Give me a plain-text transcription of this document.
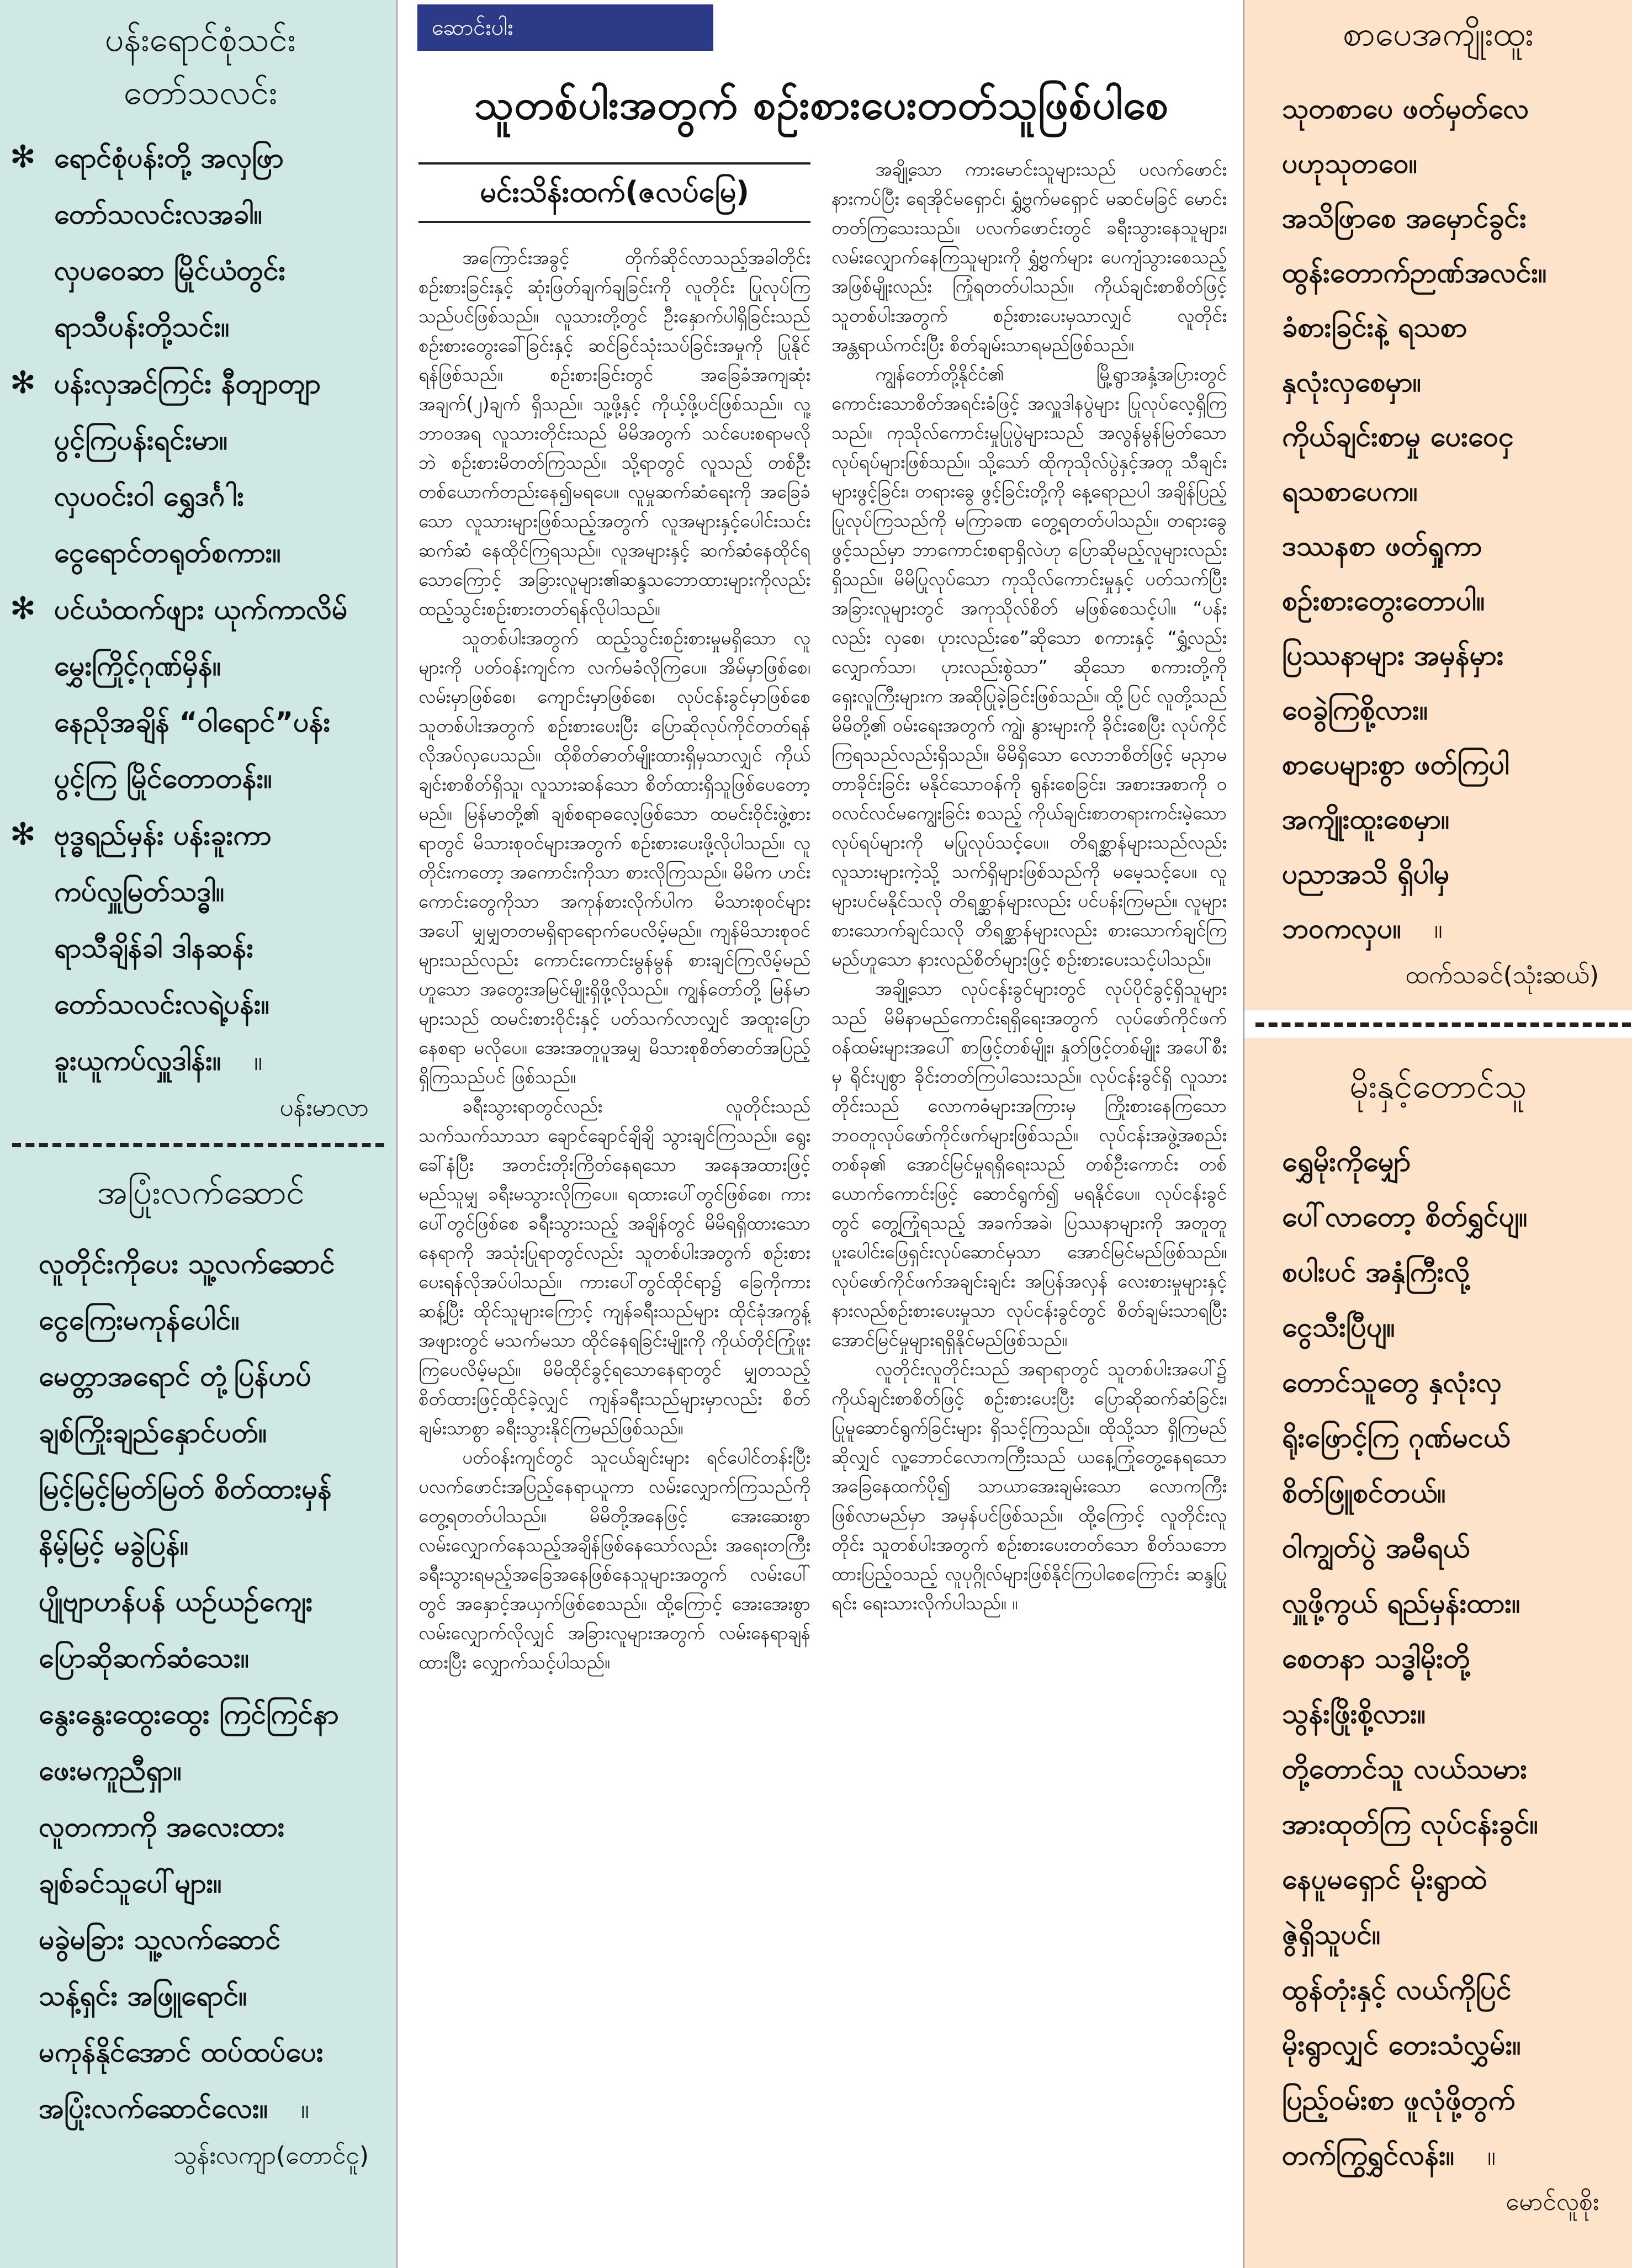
ပန်းရောင်စုံသင်း
တော်သလင်း
✻ ရောင်စုံပန်းတို့ အလှဖြာ
တော်သလင်းလအခါ။
လှပဝေဆာ မြိုင်ယံတွင်း
ရာသီပန်းတို့သင်း။
✻ ပန်းလှအင်ကြင်း နီတျာတျာ
ပွင့်ကြပန်းရင်းမာ။
လှပဝင်းဝါ ရွှေဒင်္ဂါး
ငွေရောင်တရုတ်စကား။
✻ ပင်ယံထက်ဖျား ယုက်ကာလိမ်
မွှေးကြိုင့်ဂုဏ်မှိန်။
နေညိုအချိန် “ဝါရောင်”ပန်း
ပွင့်ကြ မြိုင်တောတန်း။
✻ ဗုဒ္ဓရည်မှန်း ပန်းခူးကာ
ကပ်လှူမြတ်သဒ္ဓါ။
ရာသီချိန်ခါ ဒါနဆန်း
တော်သလင်းလရဲ့ပန်း။
ခူးယူကပ်လှူဒါန်း။ ။
ပန်းမာလာ
အပြုံးလက်ဆောင်
လူတိုင်းကိုပေး သူ့လက်ဆောင်
ငွေကြေးမကုန်ပေါင်။
မေတ္တာအရောင် တုံ့ပြန်ဟပ်
ချစ်ကြိုးချည်နှောင်ပတ်။
မြင့်မြင့်မြတ်မြတ် စိတ်ထားမှန်
နိမ့်မြင့် မခွဲပြန်။
ပျိုဗျာဟန်ပန် ယဉ်ယဉ်ကျေး
ပြောဆိုဆက်ဆံသေး။
နွေးနွေးထွေးထွေး ကြင်ကြင်နာ
ဖေးမကူညီရှာ။
လူတကာကို အလေးထား
ချစ်ခင်သူပေါ်များ။
မခွဲမခြား သူ့လက်ဆောင်
သန့်ရှင်း အဖြူရောင်။
မကုန်နိုင်အောင် ထပ်ထပ်ပေး
အပြုံးလက်ဆောင်လေး။ ။
သွန်းလကျာ(တောင်ငူ)
ဆောင်းပါး
သူတစ်ပါးအတွက် စဉ်းစားပေးတတ်သူဖြစ်ပါစေ
မင်းသိန်းထက်(ဇလပ်မြေ)

အကြောင်းအခွင့် တိုက်ဆိုင်လာသည့်အခါတိုင်း စဉ်းစားခြင်းနှင့် ဆုံးဖြတ်ချက်ချခြင်းကို လူတိုင်း ပြုလုပ်ကြသည်ပင်ဖြစ်သည်။ လူသားတို့တွင် ဦးနှောက်ပါရှိခြင်းသည် စဉ်းစားတွေးခေါ်ခြင်းနှင့် ဆင်ခြင်သုံးသပ်ခြင်းအမှုကို ပြုနိုင်ရန်ဖြစ်သည်။ စဉ်းစားခြင်းတွင် အခြေခံအကျဆုံးအချက်(၂)ချက် ရှိသည်။ သူ့ဖို့နှင့် ကိုယ့်ဖို့ပင်ဖြစ်သည်။ လူ့ဘာဝအရ လူသားတိုင်းသည် မိမိအတွက် သင်ပေးစရာမလိုဘဲ စဉ်းစားမိတတ်ကြသည်။ သို့ရာတွင် လူသည် တစ်ဦးတစ်ယောက်တည်းနေ၍မရပေ။ လူမှုဆက်ဆံရေးကို အခြေခံသော လူသားများဖြစ်သည့်အတွက် လူအများနှင့်ပေါင်းသင်းဆက်ဆံ နေထိုင်ကြရသည်။ လူအများနှင့် ဆက်ဆံနေထိုင်ရသောကြောင့် အခြားလူများ၏ဆန္ဒသဘောထားများကိုလည်း ထည့်သွင်းစဉ်းစားတတ်ရန်လိုပါသည်။

သူတစ်ပါးအတွက် ထည့်သွင်းစဉ်းစားမှုမရှိသော လူများကို ပတ်ဝန်းကျင်က လက်မခံလိုကြပေ။ အိမ်မှာဖြစ်စေ၊ လမ်းမှာဖြစ်စေ၊ ကျောင်းမှာဖြစ်စေ၊ လုပ်ငန်းခွင်မှာဖြစ်စေ သူတစ်ပါးအတွက် စဉ်းစားပေးပြီး ပြောဆိုလုပ်ကိုင်တတ်ရန် လိုအပ်လှပေသည်။ ထိုစိတ်ဓာတ်မျိုးထားရှိမှသာလျှင် ကိုယ်ချင်းစာစိတ်ရှိသူ၊ လူသားဆန်သော စိတ်ထားရှိသူဖြစ်ပေတော့မည်။ မြန်မာတို့၏ ချစ်စရာဓလေ့ဖြစ်သော ထမင်းဝိုင်းဖွဲ့စားရာတွင် မိသားစုဝင်များအတွက် စဉ်းစားပေးဖို့လိုပါသည်။ လူတိုင်းကတော့ အကောင်းကိုသာ စားလိုကြသည်။ မိမိက ဟင်းကောင်းတွေကိုသာ အကုန်စားလိုက်ပါက မိသားစုဝင်များအပေါ် မျှမျှတတမရှိရာရောက်ပေလိမ့်မည်။ ကျန်မိသားစုဝင်များသည်လည်း ကောင်းကောင်းမွန်မွန် စားချင်ကြလိမ့်မည်ဟူသော အတွေးအမြင်မျိုးရှိဖို့လိုသည်။ ကျွန်တော်တို့ မြန်မာများသည် ထမင်းစားဝိုင်းနှင့် ပတ်သက်လာလျှင် အထူးပြောနေစရာ မလိုပေ။ အေးအတူပူအမျှ မိသားစုစိတ်ဓာတ်အပြည့်ရှိကြသည်ပင် ဖြစ်သည်။

ခရီးသွားရာတွင်လည်း လူတိုင်းသည် သက်သက်သာသာ ချောင်ချောင်ချိချိ သွားချင်ကြသည်။ ရွေးခေါ်နံပြီး အတင်းတိုးကြိတ်နေရသော အနေအထားဖြင့် မည်သူမျှ ခရီးမသွားလိုကြပေ။ ရထားပေါ်တွင်ဖြစ်စေ၊ ကားပေါ်တွင်ဖြစ်စေ ခရီးသွားသည့် အချိန်တွင် မိမိရရှိထားသောနေရာကို အသုံးပြုရာတွင်လည်း သူတစ်ပါးအတွက် စဉ်းစားပေးရန်လိုအပ်ပါသည်။ ကားပေါ်တွင်ထိုင်ရာ၌ ခြေကိုကားဆန့်ပြီး ထိုင်သူများကြောင့် ကျန်ခရီးသည်များ ထိုင်ခုံအကွန့်အဖျားတွင် မသက်မသာ ထိုင်နေရခြင်းမျိုးကို ကိုယ်တိုင်ကြုံဖူးကြပေလိမ့်မည်။ မိမိထိုင်ခွင့်ရသောနေရာတွင် မျှတသည့် စိတ်ထားဖြင့်ထိုင်ခဲ့လျှင် ကျန်ခရီးသည်များမှာလည်း စိတ်ချမ်းသာစွာ ခရီးသွားနိုင်ကြမည်ဖြစ်သည်။

ပတ်ဝန်းကျင်တွင် သူငယ်ချင်းများ ရင်ပေါင်တန်းပြီး ပလက်ဖောင်းအပြည့်နေရာယူကာ လမ်းလျှောက်ကြသည်ကို တွေ့ရတတ်ပါသည်။ မိမိတို့အနေဖြင့် အေးဆေးစွာ လမ်းလျှောက်နေသည့်အချိန်ဖြစ်နေသော်လည်း အရေးတကြီး ခရီးသွားရမည့်အခြေအနေဖြစ်နေသူများအတွက် လမ်းပေါ်တွင် အနှောင့်အယှက်ဖြစ်စေသည်။ ထို့ကြောင့် အေးအေးစွာလမ်းလျှောက်လိုလျှင် အခြားလူများအတွက် လမ်းနေရာချန်ထားပြီး လျှောက်သင့်ပါသည်။

အချို့သော ကားမောင်းသူများသည် ပလက်ဖောင်းနားကပ်ပြီး ရေအိုင်မရှောင်၊ ရွှံ့ဗွက်မရှောင် မဆင်မခြင် မောင်းတတ်ကြသေးသည်။ ပလက်ဖောင်းတွင် ခရီးသွားနေသူများ၊ လမ်းလျှောက်နေကြသူများကို ရွှံ့ဗွက်များ ပေကျံသွားစေသည့်အဖြစ်မျိုးလည်း ကြုံရတတ်ပါသည်။ ကိုယ်ချင်းစာစိတ်ဖြင့် သူတစ်ပါးအတွက် စဉ်းစားပေးမှသာလျှင် လူတိုင်းအန္တရာယ်ကင်းပြီး စိတ်ချမ်းသာရမည်ဖြစ်သည်။

ကျွန်တော်တို့နိုင်ငံ၏ မြို့ရွာအနှံ့အပြားတွင် ကောင်းသောစိတ်အရင်းခံဖြင့် အလှူဒါနပွဲများ ပြုလုပ်လေ့ရှိကြသည်။ ကုသိုလ်ကောင်းမှုပြုပွဲများသည် အလွန်မွန်မြတ်သော လုပ်ရပ်များဖြစ်သည်။ သို့သော် ထိုကုသိုလ်ပွဲနှင့်အတူ သီချင်းများဖွင့်ခြင်း၊ တရားခွေ ဖွင့်ခြင်းတို့ကို နေ့ရောညပါ အချိန်ပြည့် ပြုလုပ်ကြသည်ကို မကြာခဏ တွေ့ရတတ်ပါသည်။ တရားခွေဖွင့်သည်မှာ ဘာကောင်းစရာရှိလဲဟု ပြောဆိုမည့်လူများလည်းရှိသည်။ မိမိပြုလုပ်သော ကုသိုလ်ကောင်းမှုနှင့် ပတ်သက်ပြီး အခြားလူများတွင် အကုသိုလ်စိတ် မဖြစ်စေသင့်ပါ။ “ပန်းလည်း လှစေ၊ ပုားလည်းစေ”ဆိုသော စကားနှင့် “ရွှံ့လည်း လျှောက်သာ၊ ပုားလည်းစွဲသာ” ဆိုသော စကားတို့ကို ရှေးလူကြီးများက အဆိုပြုခဲ့ခြင်းဖြစ်သည်။ ထို့ပြင် လူတို့သည် မိမိတို့၏ ဝမ်းရေးအတွက် ကျွဲ၊ နွားများကို ခိုင်းစေပြီး လုပ်ကိုင်ကြရသည်လည်းရှိသည်။ မိမိရှိသော လောဘစိတ်ဖြင့် မညှာမတာခိုင်းခြင်း မနိုင်သောဝန်ကို ရွန်းစေခြင်း၊ အစားအစာကို ဝဝလင်လင်မကျွေးခြင်း စသည့် ကိုယ်ချင်းစာတရားကင်းမဲ့သော လုပ်ရပ်များကို မပြုလုပ်သင့်ပေ။ တိရစ္ဆာန်များသည်လည်း လူသားများကဲ့သို့ သက်ရှိများဖြစ်သည်ကို မမေ့သင့်ပေ။ လူများပင်မနိုင်သလို တိရစ္ဆာန်များလည်း ပင်ပန်းကြမည်။ လူများစားသောက်ချင်သလို တိရစ္ဆာန်များလည်း စားသောက်ချင်ကြမည်ဟူသော နားလည်စိတ်များဖြင့် စဉ်းစားပေးသင့်ပါသည်။

အချို့သော လုပ်ငန်းခွင်များတွင် လုပ်ပိုင်ခွင့်ရှိသူများသည် မိမိနာမည်ကောင်းရရှိရေးအတွက် လုပ်ဖော်ကိုင်ဖက် ဝန်ထမ်းများအပေါ် စာဖြင့်တစ်မျိုး၊ နှုတ်ဖြင့်တစ်မျိုး အပေါ်စီးမှ ရိုင်းပျစွာ ခိုင်းတတ်ကြပါသေးသည်။ လုပ်ငန်းခွင်ရှိ လူသားတိုင်းသည် လောကဓံများအကြားမှ ကြိုးစားနေကြသော ဘဝတူလုပ်ဖော်ကိုင်ဖက်များဖြစ်သည်။ လုပ်ငန်းအဖွဲ့အစည်းတစ်ခု၏ အောင်မြင်မှုရရှိရေးသည် တစ်ဦးကောင်း တစ်ယောက်ကောင်းဖြင့် ဆောင်ရွက်၍ မရနိုင်ပေ။ လုပ်ငန်းခွင်တွင် တွေ့ကြုံရသည့် အခက်အခဲ၊ ပြဿနာများကို အတူတူပူးပေါင်းဖြေရှင်းလုပ်ဆောင်မှသာ အောင်မြင်မည်ဖြစ်သည်။ လုပ်ဖော်ကိုင်ဖက်အချင်းချင်း အပြန်အလှန် လေးစားမှုများနှင့် နားလည်စဉ်းစားပေးမှုသာ လုပ်ငန်းခွင်တွင် စိတ်ချမ်းသာရပြီး အောင်မြင်မှုများရရှိနိုင်မည်ဖြစ်သည်။

လူတိုင်းလူတိုင်းသည် အရာရာတွင် သူတစ်ပါးအပေါ်၌ ကိုယ်ချင်းစာစိတ်ဖြင့် စဉ်းစားပေးပြီး ပြောဆိုဆက်ဆံခြင်း၊ ပြုမူဆောင်ရွက်ခြင်းများ ရှိသင့်ကြသည်။ ထိုသို့သာ ရှိကြမည်ဆိုလျှင် လူ့ဘောင်လောကကြီးသည် ယနေ့ကြုံတွေ့နေရသော အခြေနေထက်ပို၍ သာယာအေးချမ်းသော လောကကြီးဖြစ်လာမည်မှာ အမှန်ပင်ဖြစ်သည်။ ထို့ကြောင့် လူတိုင်းလူတိုင်း သူတစ်ပါးအတွက် စဉ်းစားပေးတတ်သော စိတ်သဘောထားပြည့်ဝသည့် လူပုဂ္ဂိုလ်များဖြစ်နိုင်ကြပါစေကြောင်း ဆန္ဒပြုရင်း ရေးသားလိုက်ပါသည်။ ။

စာပေအကျိုးထူး
သုတစာပေ ဖတ်မှတ်လေ
ပဟုသုတဝေ။
အသိဖြာစေ အမှောင်ခွင်း
ထွန်းတောက်ဉာဏ်အလင်း။
ခံစားခြင်းနဲ့ ရသစာ
နှလုံးလှစေမှာ။
ကိုယ်ချင်းစာမှု ပေးဝေငှ
ရသစာပေက။
ဒဿနစာ ဖတ်ရှုကာ
စဉ်းစားတွေးတောပါ။
ပြဿနာများ အမှန်မှား
ဝေခွဲကြစို့လား။
စာပေများစွာ ဖတ်ကြပါ
အကျိုးထူးစေမှာ။
ပညာအသိ ရှိပါမှ
ဘဝကလှပ။ ။
ထက်သခင်(သုံးဆယ်)
မိုးနှင့်တောင်သူ
ရွှေမိုးကိုမျှော်
ပေါ်လာတော့ စိတ်ရွှင်ပျ။
စပါးပင် အနှံကြီးလို့
ငွေသီးပြီပျ။
တောင်သူတွေ နှလုံးလှ
ရိုးဖြောင့်ကြ ဂုဏ်မငယ်
စိတ်ဖြူစင်တယ်။
ဝါကျွတ်ပွဲ အမီရယ်
လှူဖို့ကွယ် ရည်မှန်းထား။
စေတနာ သဒ္ဓါမိုးတို့
သွန်းဖြိုးစို့လား။
တို့တောင်သူ လယ်သမား
အားထုတ်ကြ လုပ်ငန်းခွင်။
နေပူမရှောင် မိုးရွာထဲ
ဇွဲရှိသူပင်။
ထွန်တုံးနှင့် လယ်ကိုပြင်
မိုးရွာလျှင် တေးသံလွှမ်း။
ပြည့်ဝမ်းစာ ဖူလုံဖို့တွက်
တက်ကြွရွှင်လန်း။ ။
မောင်လူစိုး
